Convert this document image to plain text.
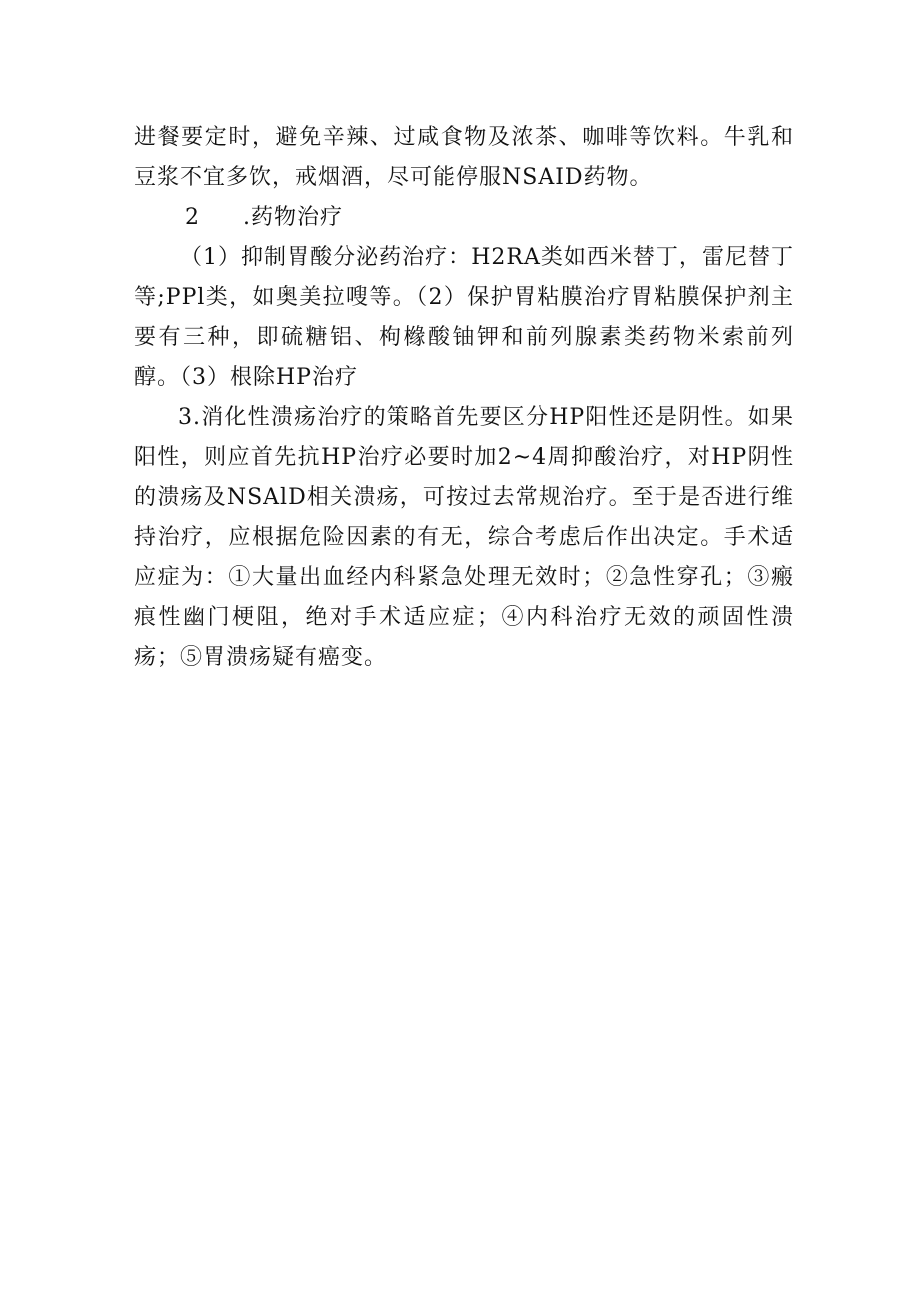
进餐要定时，避免辛辣、过咸食物及浓茶、咖啡等饮料。牛乳和豆浆不宜多饮，戒烟酒，尽可能停服NSAID药物。

2 .药物治疗

（1）抑制胃酸分泌药治疗：H2RA类如西米替丁，雷尼替丁等;PPl类，如奥美拉嗖等。（2）保护胃粘膜治疗胃粘膜保护剂主要有三种，即硫糖铝、枸橼酸铀钾和前列腺素类药物米索前列醇。（3）根除HP治疗

3.消化性溃疡治疗的策略首先要区分HP阳性还是阴性。如果阳性，则应首先抗HP治疗必要时加2~4周抑酸治疗，对HP阴性的溃疡及NSAlD相关溃疡，可按过去常规治疗。至于是否进行维持治疗，应根据危险因素的有无，综合考虑后作出决定。手术适应症为：①大量出血经内科紧急处理无效时；②急性穿孔；③瘢痕性幽门梗阻，绝对手术适应症；④内科治疗无效的顽固性溃疡；⑤胃溃疡疑有癌变。
